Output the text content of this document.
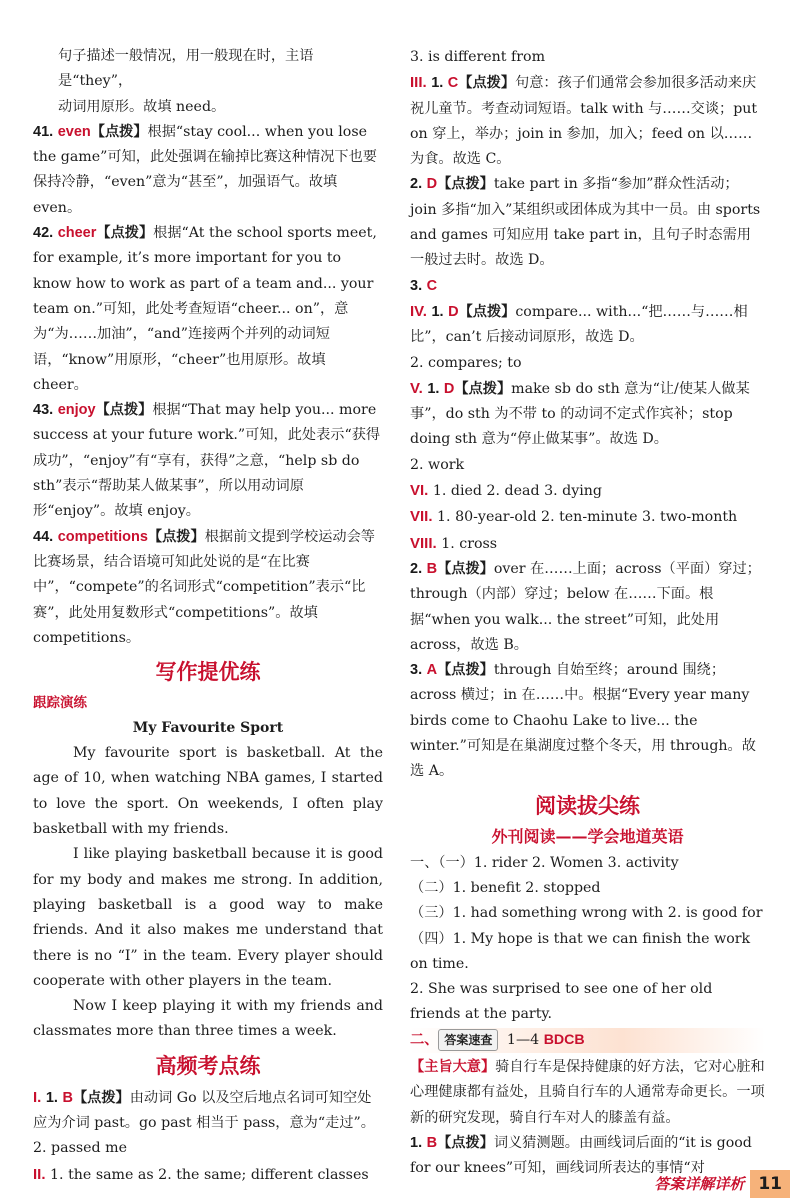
句子描述一般情况，用一般现在时，主语是“they”，

动词用原形。故填 need。

41. even【点拨】根据“stay cool... when you lose the game”可知，此处强调在输掉比赛这种情况下也要保持冷静，“even”意为“甚至”，加强语气。故填 even。

42. cheer【点拨】根据“At the school sports meet, for example, it’s more important for you to know how to work as part of a team and... your team on.”可知，此处考查短语“cheer... on”，意为“为……加油”，“and”连接两个并列的动词短语，“know”用原形，“cheer”也用原形。故填 cheer。

43. enjoy【点拨】根据“That may help you... more success at your future work.”可知，此处表示“获得成功”，“enjoy”有“享有，获得”之意，“help sb do sth”表示“帮助某人做某事”，所以用动词原形“enjoy”。故填 enjoy。

44. competitions【点拨】根据前文提到学校运动会等比赛场景，结合语境可知此处说的是“在比赛中”，“compete”的名词形式“competition”表示“比赛”，此处用复数形式“competitions”。故填 competitions。

写作提优练
跟踪演练
My Favourite Sport

My favourite sport is basketball. At the age of 10, when watching NBA games, I started to love the sport. On weekends, I often play basketball with my friends.

I like playing basketball because it is good for my body and makes me strong. In addition, playing basketball is a good way to make friends. And it also makes me understand that there is no “I” in the team. Every player should cooperate with other players in the team.

Now I keep playing it with my friends and classmates more than three times a week.

高频考点练

I. 1. B【点拨】由动词 Go 以及空后地点名词可知空处应为介词 past。go past 相当于 pass，意为“走过”。

2. passed me

II. 1. the same as 2. the same; different classes

3. is different from

III. 1. C【点拨】句意：孩子们通常会参加很多活动来庆祝儿童节。考查动词短语。talk with 与……交谈；put on 穿上，举办；join in 参加，加入；feed on 以……为食。故选 C。

2. D【点拨】take part in 多指“参加”群众性活动；join 多指“加入”某组织或团体成为其中一员。由 sports and games 可知应用 take part in，且句子时态需用一般过去时。故选 D。

3. C

IV. 1. D【点拨】compare... with...“把……与……相比”，can’t 后接动词原形，故选 D。

2. compares; to

V. 1. D【点拨】make sb do sth 意为“让/使某人做某事”，do sth 为不带 to 的动词不定式作宾补；stop doing sth 意为“停止做某事”。故选 D。

2. work

VI. 1. died 2. dead 3. dying

VII. 1. 80-year-old 2. ten-minute 3. two-month

VIII. 1. cross

2. B【点拨】over 在……上面；across（平面）穿过；through（内部）穿过；below 在……下面。根据“when you walk... the street”可知，此处用 across，故选 B。

3. A【点拨】through 自始至终；around 围绕；across 横过；in 在……中。根据“Every year many birds come to Chaohu Lake to live... the winter.”可知是在巢湖度过整个冬天，用 through。故选 A。

阅读拔尖练
外刊阅读——学会地道英语

一、（一）1. rider 2. Women 3. activity

（二）1. benefit 2. stopped

（三）1. had something wrong with 2. is good for

（四）1. My hope is that we can finish the work on time.

2. She was surprised to see one of her old friends at the party.

二、 答案速查 1—4 BDCB

【主旨大意】骑自行车是保持健康的好方法，它对心脏和心理健康都有益处，且骑自行车的人通常寿命更长。一项新的研究发现，骑自行车对人的膝盖有益。

1. B【点拨】词义猜测题。由画线词后面的“it is good for our knees”可知，画线词所表达的事情“对

答案详解详析 11
